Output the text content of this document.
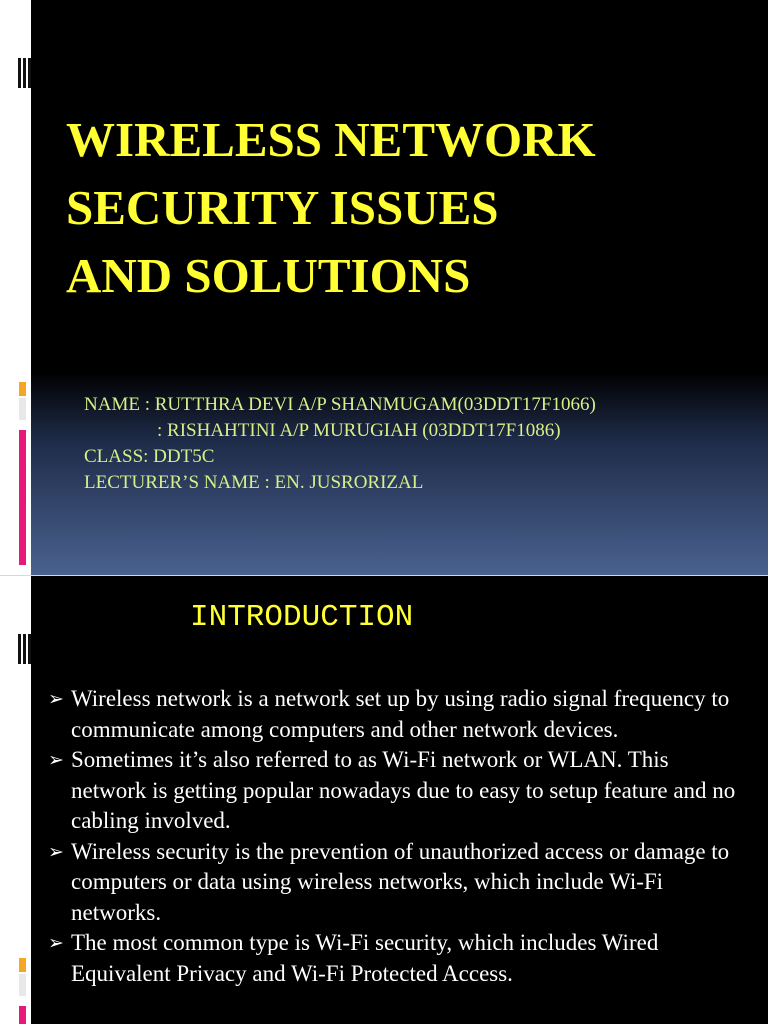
WIRELESS NETWORK
SECURITY ISSUES
AND SOLUTIONS
NAME : RUTTHRA DEVI A/P SHANMUGAM(03DDT17F1066)
: RISHAHTINI A/P MURUGIAH (03DDT17F1086)
CLASS: DDT5C
LECTURER’S NAME : EN. JUSRORIZAL
INTRODUCTION
➢ Wireless network is a network set up by using radio signal frequency to communicate among computers and other network devices.
➢ Sometimes it’s also referred to as Wi-Fi network or WLAN. This network is getting popular nowadays due to easy to setup feature and no cabling involved.
➢ Wireless security is the prevention of unauthorized access or damage to computers or data using wireless networks, which include Wi-Fi networks.
➢ The most common type is Wi-Fi security, which includes Wired Equivalent Privacy and Wi-Fi Protected Access.
